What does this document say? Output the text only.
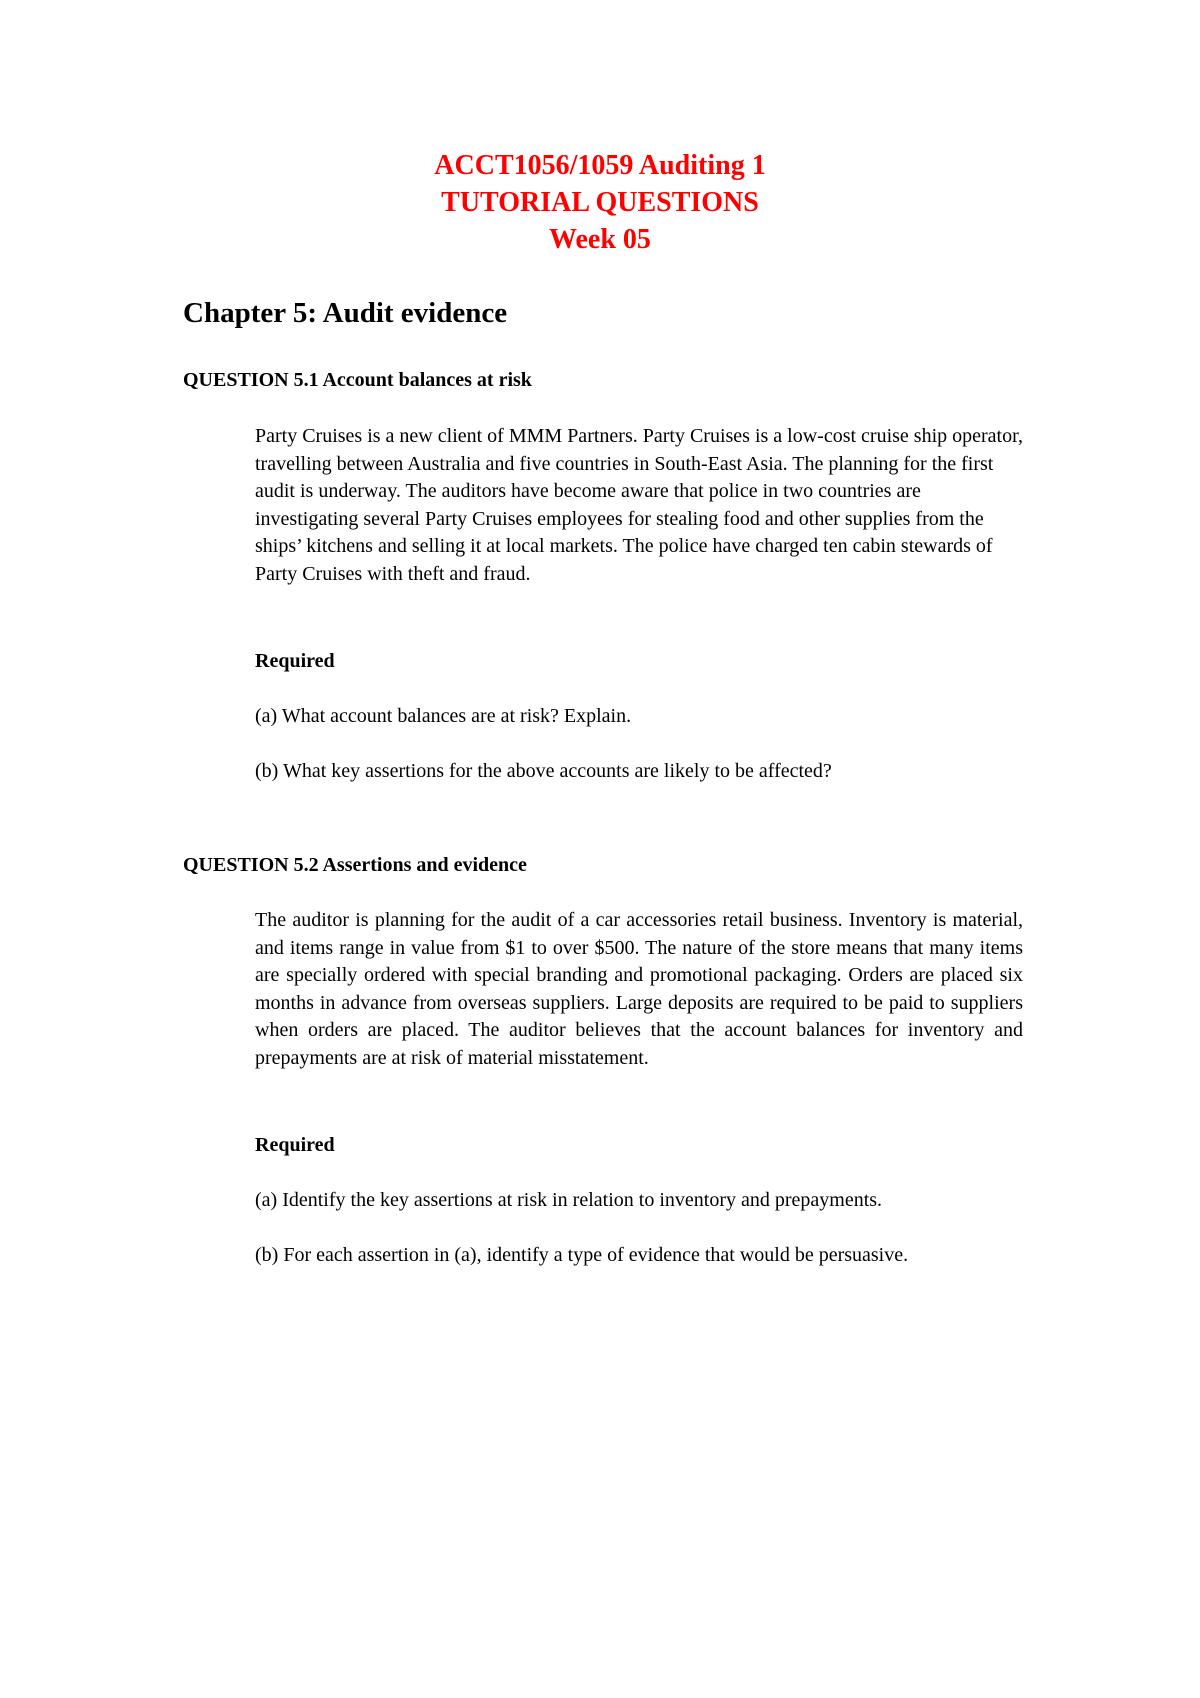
ACCT1056/1059 Auditing 1
TUTORIAL QUESTIONS
Week 05
Chapter 5: Audit evidence
QUESTION 5.1 Account balances at risk
Party Cruises is a new client of MMM Partners. Party Cruises is a low-cost cruise ship operator, travelling between Australia and five countries in South-East Asia. The planning for the first audit is underway. The auditors have become aware that police in two countries are investigating several Party Cruises employees for stealing food and other supplies from the ships’ kitchens and selling it at local markets. The police have charged ten cabin stewards of Party Cruises with theft and fraud.
Required
(a) What account balances are at risk? Explain.
(b) What key assertions for the above accounts are likely to be affected?
QUESTION 5.2 Assertions and evidence
The auditor is planning for the audit of a car accessories retail business. Inventory is material, and items range in value from $1 to over $500. The nature of the store means that many items are specially ordered with special branding and promotional packaging. Orders are placed six months in advance from overseas suppliers. Large deposits are required to be paid to suppliers when orders are placed. The auditor believes that the account balances for inventory and prepayments are at risk of material misstatement.
Required
(a) Identify the key assertions at risk in relation to inventory and prepayments.
(b) For each assertion in (a), identify a type of evidence that would be persuasive.
